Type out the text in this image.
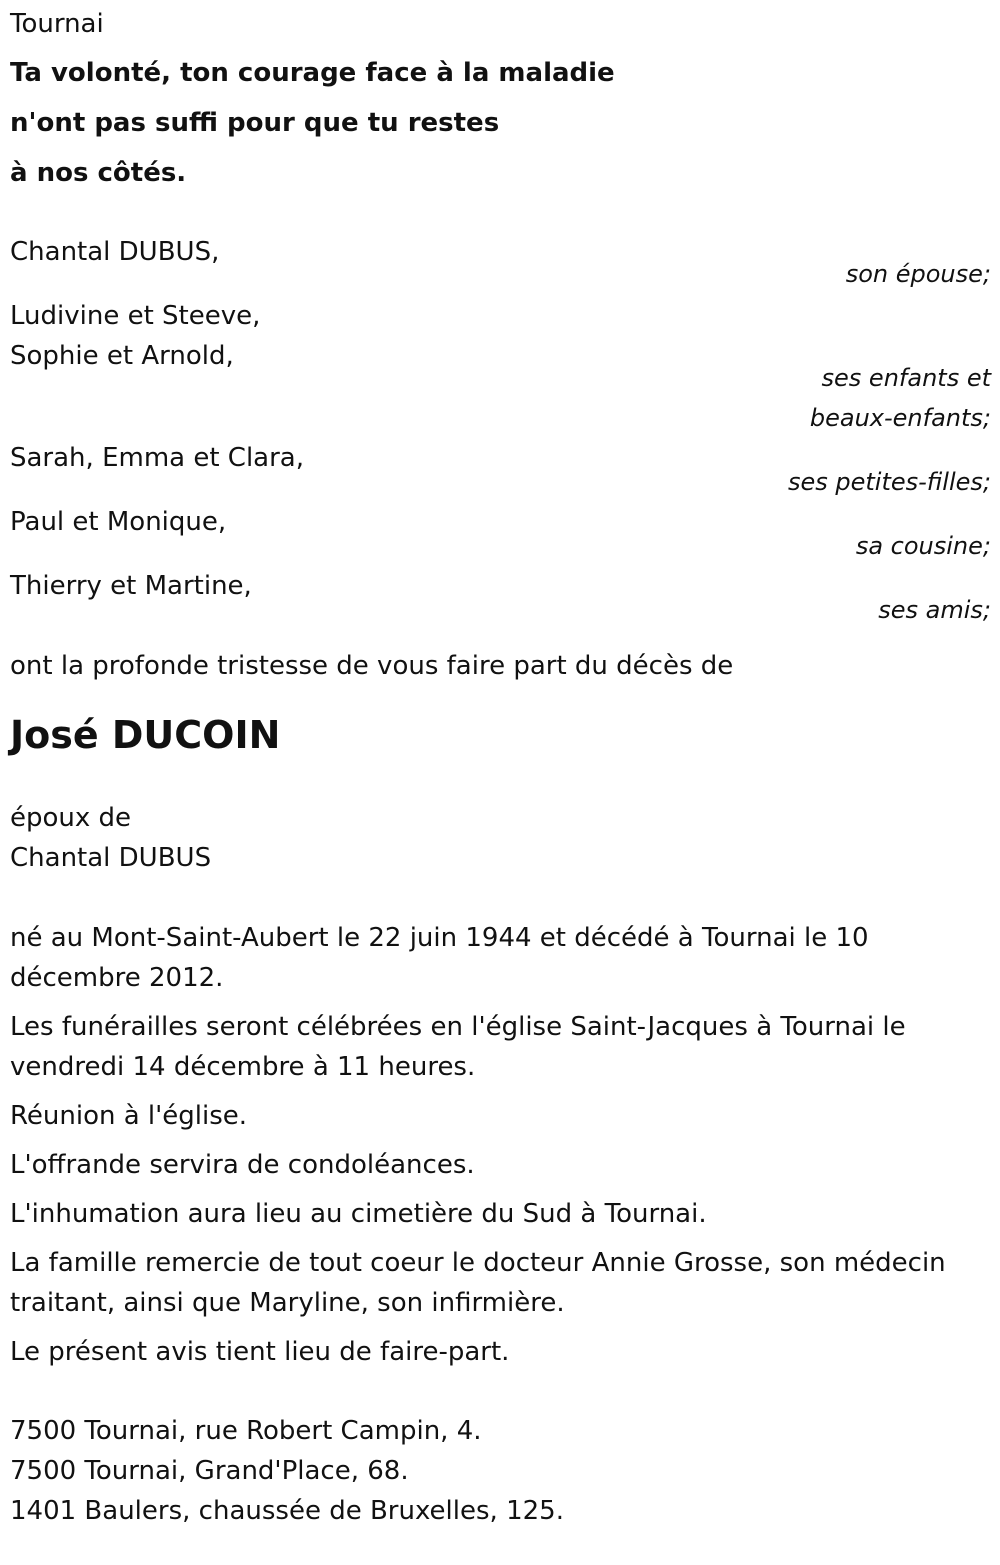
Tournai
Ta volonté, ton courage face à la maladie
n'ont pas suffi pour que tu restes
à nos côtés.
Chantal DUBUS,
son épouse;
Ludivine et Steeve,
Sophie et Arnold,
ses enfants et
beaux-enfants;
Sarah, Emma et Clara,
ses petites-filles;
Paul et Monique,
sa cousine;
Thierry et Martine,
ses amis;
ont la profonde tristesse de vous faire part du décès de
José DUCOIN
époux de
Chantal DUBUS
né au Mont-Saint-Aubert le 22 juin 1944 et décédé à Tournai le 10 décembre 2012.
Les funérailles seront célébrées en l'église Saint-Jacques à Tournai le vendredi 14 décembre à 11 heures.
Réunion à l'église.
L'offrande servira de condoléances.
L'inhumation aura lieu au cimetière du Sud à Tournai.
La famille remercie de tout coeur le docteur Annie Grosse, son médecin traitant, ainsi que Maryline, son infirmière.
Le présent avis tient lieu de faire-part.
7500 Tournai, rue Robert Campin, 4.
7500 Tournai, Grand'Place, 68.
1401 Baulers, chaussée de Bruxelles, 125.
